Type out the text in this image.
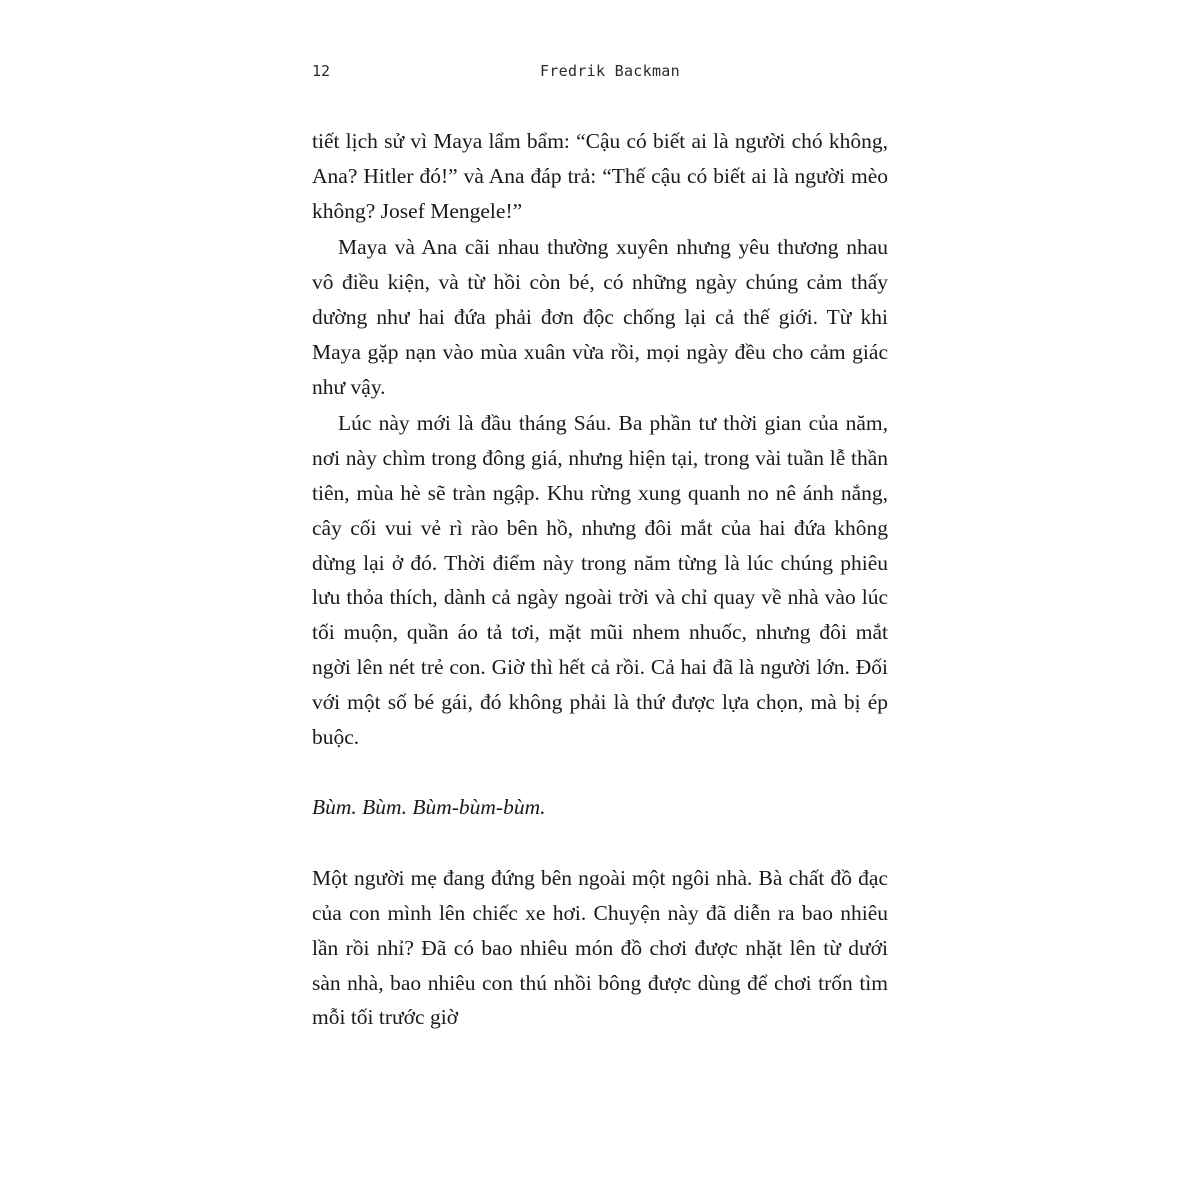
12	Fredrik Backman

tiết lịch sử vì Maya lẩm bẩm: “Cậu có biết ai là người chó không, Ana? Hitler đó!” và Ana đáp trả: “Thế cậu có biết ai là người mèo không? Josef Mengele!”

Maya và Ana cãi nhau thường xuyên nhưng yêu thương nhau vô điều kiện, và từ hồi còn bé, có những ngày chúng cảm thấy dường như hai đứa phải đơn độc chống lại cả thế giới. Từ khi Maya gặp nạn vào mùa xuân vừa rồi, mọi ngày đều cho cảm giác như vậy.

Lúc này mới là đầu tháng Sáu. Ba phần tư thời gian của năm, nơi này chìm trong đông giá, nhưng hiện tại, trong vài tuần lễ thần tiên, mùa hè sẽ tràn ngập. Khu rừng xung quanh no nê ánh nắng, cây cối vui vẻ rì rào bên hồ, nhưng đôi mắt của hai đứa không dừng lại ở đó. Thời điểm này trong năm từng là lúc chúng phiêu lưu thỏa thích, dành cả ngày ngoài trời và chỉ quay về nhà vào lúc tối muộn, quần áo tả tơi, mặt mũi nhem nhuốc, nhưng đôi mắt ngời lên nét trẻ con. Giờ thì hết cả rồi. Cả hai đã là người lớn. Đối với một số bé gái, đó không phải là thứ được lựa chọn, mà bị ép buộc.

Bùm. Bùm. Bùm-bùm-bùm.

Một người mẹ đang đứng bên ngoài một ngôi nhà. Bà chất đồ đạc của con mình lên chiếc xe hơi. Chuyện này đã diễn ra bao nhiêu lần rồi nhỉ? Đã có bao nhiêu món đồ chơi được nhặt lên từ dưới sàn nhà, bao nhiêu con thú nhồi bông được dùng để chơi trốn tìm mỗi tối trước giờ
